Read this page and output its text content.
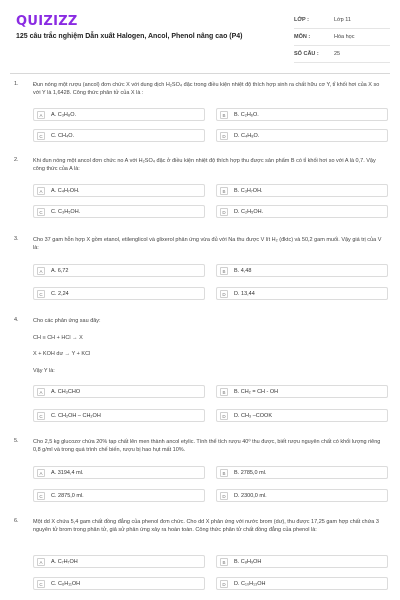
QUIZIZZ
125 câu trắc nghiệm Dẫn xuất Halogen, Ancol, Phenol nâng cao (P4)
LỚP :	Lớp 11
MÔN :	Hóa học
SỐ CÂU :	25
1.	Đun nóng một rượu (ancol) đơn chức X với dung dịch H₂SO₄ đặc trong điều kiện nhiệt độ thích hợp sinh ra chất hữu cơ Y, tỉ khối hơi của X so với Y là 1,6428. Công thức phân tử của X là :
A	A. C₃H₈O.	B	B. C₂H₆O.
C	C. CH₄O.	D	D. C₄H₈O.
2.	Khi đun nóng một ancol đơn chức no A với H₂SO₄ đặc ở điều kiện nhiệt độ thích hợp thu được sản phẩm B có tỉ khối hơi so với A là 0,7. Vậy công thức của A là:
A	A. C₄H₇OH.	B	B. C₃H₇OH.
C	C. C₃H₅OH.	D	D. C₂H₅OH.
3.	Cho 37 gam hỗn hợp X gồm etanol, etilenglicol và glixerol phản ứng vừa đủ với Na thu được V lít H₂ (đktc) và 50,2 gam muối. Vậy giá trị của V là:
A	A. 6,72	B	B. 4,48
C	C. 2,24	D	D. 13,44
4.	Cho các phản ứng sau đây:
CH ≡ CH + HCl → X
X + KOH dư → Y + KCl
Vậy Y là:
A	A. CH₃CHO	B	B. CH₂ = CH - OH
C	C. CH₂OH – CH₂OH	D	D. CH₃ –COOK
5.	Cho 2,5 kg glucozơ chứa 20% tạp chất lên men thành ancol etylic. Tính thể tích rượu 40⁰ thu được, biết rượu nguyên chất có khối lượng riêng 0,8 g/ml và trong quá trình chế biến, rượu bị hao hụt mất 10%.
A	A. 3194,4 ml.	B	B. 2785,0 ml.
C	C. 2875,0 ml.	D	D. 2300,0 ml.
6.	Một dd X chứa 5,4 gam chất đồng đẳng của phenol đơn chức. Cho dd X phản ứng với nước brom (dư), thu được 17,25 gam hợp chất chứa 3 nguyên tử brom trong phân tử, giả sử phản ứng xảy ra hoàn toàn. Công thức phân tử chất đồng đẳng của phenol là:
A	A. C₇H₇OH	B	B. C₈H₉OH
C	C. C₆H₁₁OH	D	D. C₁₀H₁₃OH
